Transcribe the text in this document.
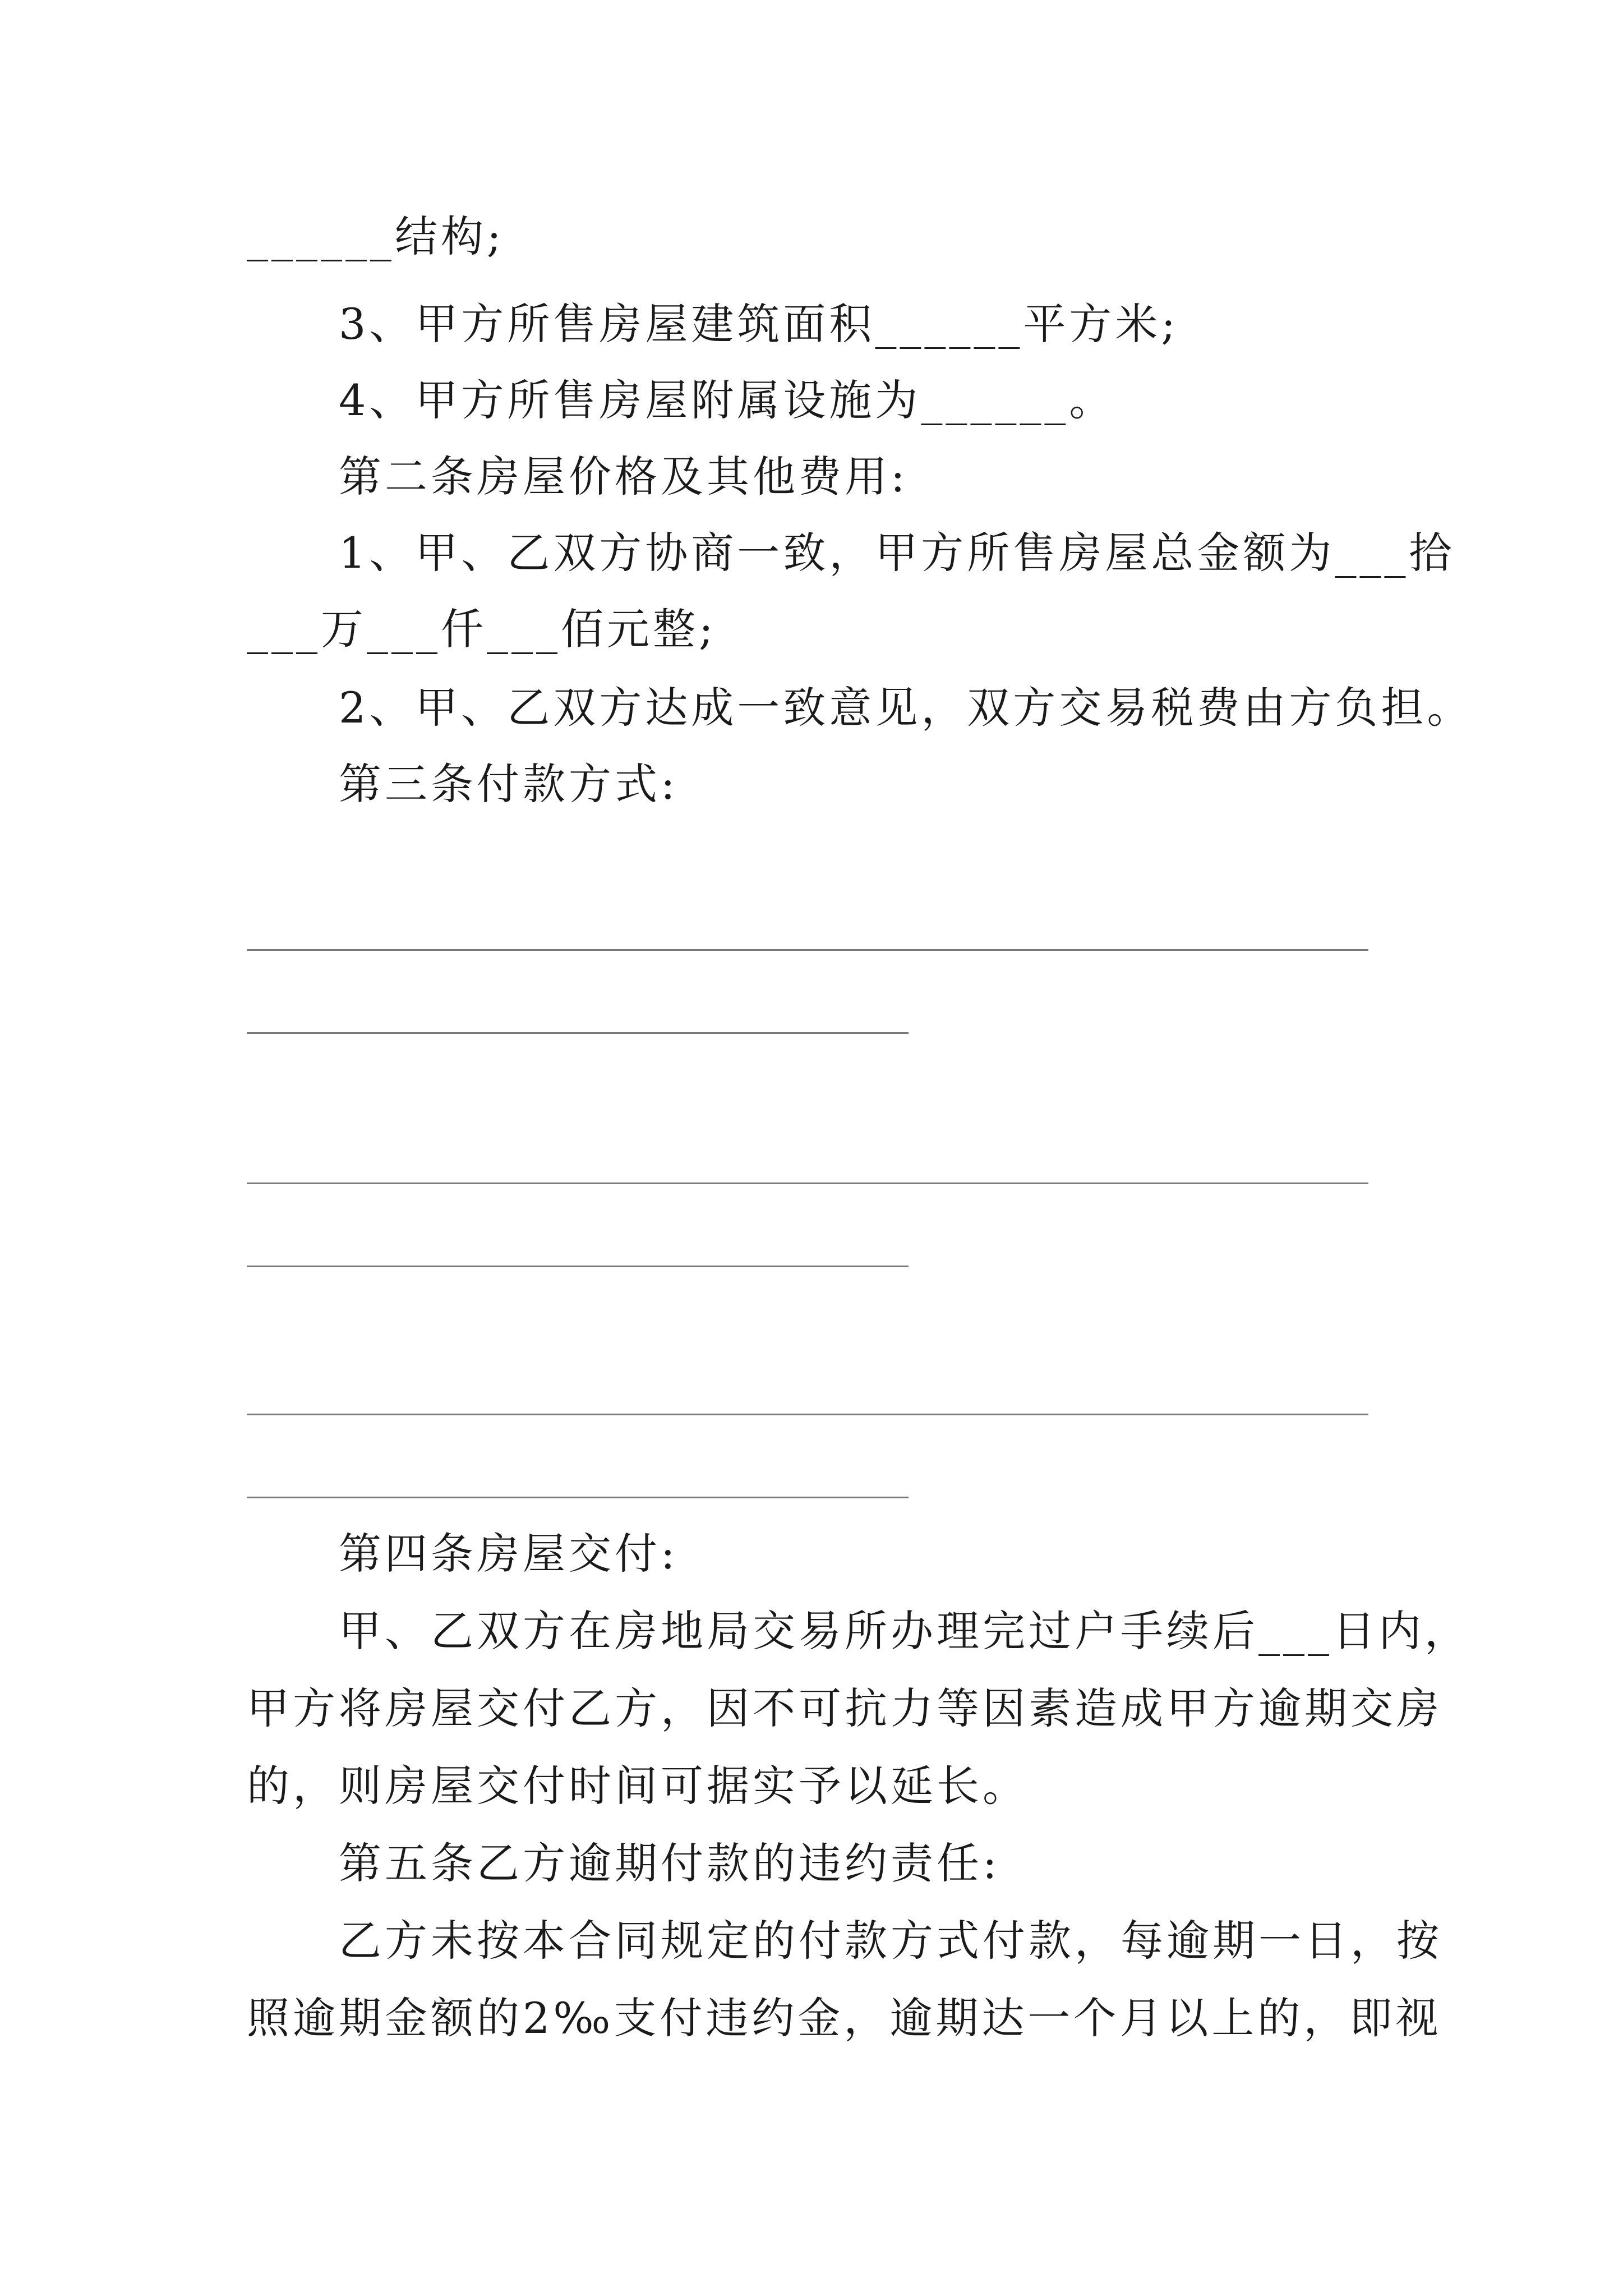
______结构;
3、甲方所售房屋建筑面积______平方米;
4、甲方所售房屋附属设施为______。
第二条房屋价格及其他费用:
1、甲、乙双方协商一致，甲方所售房屋总金额为___拾
___万___仟___佰元整;
2、甲、乙双方达成一致意见，双方交易税费由方负担。
第三条付款方式:
第四条房屋交付:
甲、乙双方在房地局交易所办理完过户手续后___日内，
甲方将房屋交付乙方，因不可抗力等因素造成甲方逾期交房
的，则房屋交付时间可据实予以延长。
第五条乙方逾期付款的违约责任:
乙方未按本合同规定的付款方式付款，每逾期一日，按
照逾期金额的2‰支付违约金，逾期达一个月以上的，即视
